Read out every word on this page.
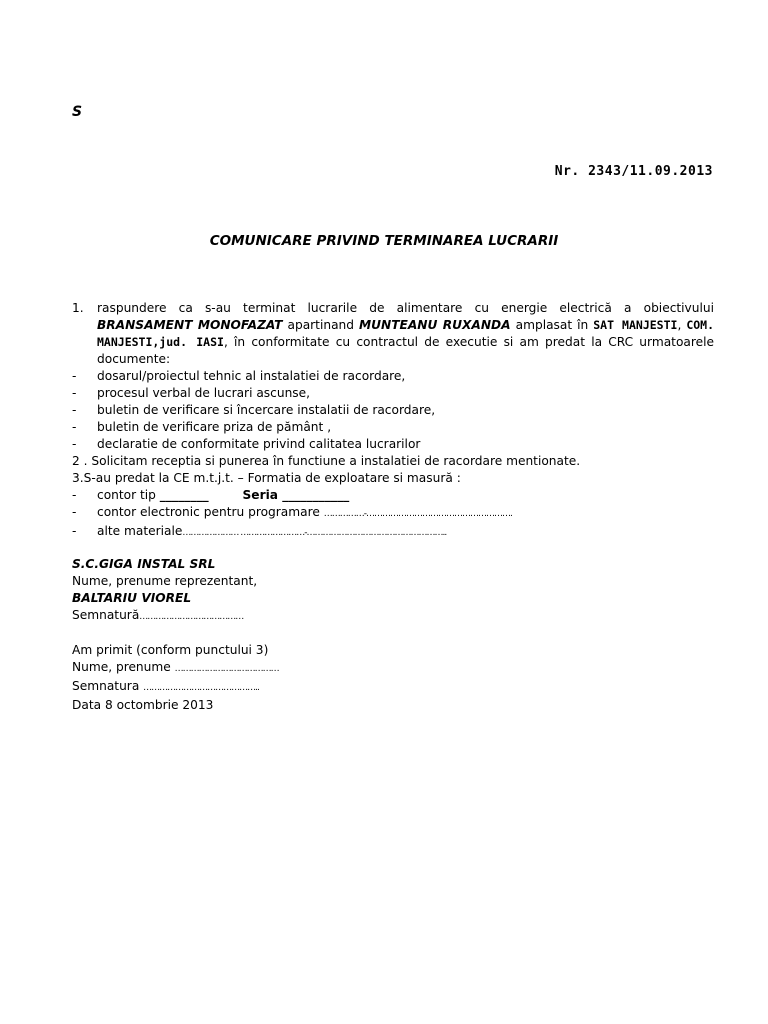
S
Nr. 2343/11.09.2013
COMUNICARE PRIVIND TERMINAREA LUCRARII
1.	raspundere ca s-au terminat lucrarile de alimentare cu energie electrică a obiectivului BRANSAMENT MONOFAZAT apartinand MUNTEANU RUXANDA amplasat în SAT MANJESTI, COM. MANJESTI,jud. IASI, în conformitate cu contractul de executie si am predat la CRC urmatoarele documente:
-	dosarul/proiectul tehnic al instalatiei de racordare,
-	procesul verbal de lucrari ascunse,
-	buletin de verificare si încercare instalatii de racordare,
-	buletin de verificare priza de pământ ,
-	declaratie de conformitate privind calitatea lucrarilor
2 . Solicitam receptia si punerea în functiune a instalatiei de racordare mentionate.
3.S-au predat la CE m.t.j.t. – Formatia de exploatare si masură :
-	contor tip ________	Seria ___________
-	contor electronic pentru programare ……………-……………………………………………….
-	alte materiale………………… ……………………-……………………………………………..
S.C.GIGA INSTAL SRL
Nume, prenume reprezentant,
BALTARIU VIOREL
Semnatură…………………………………
Am primit (conform punctului 3)
Nume, prenume …………………………………
Semnatura ……………………………………..
Data 8 octombrie 2013
